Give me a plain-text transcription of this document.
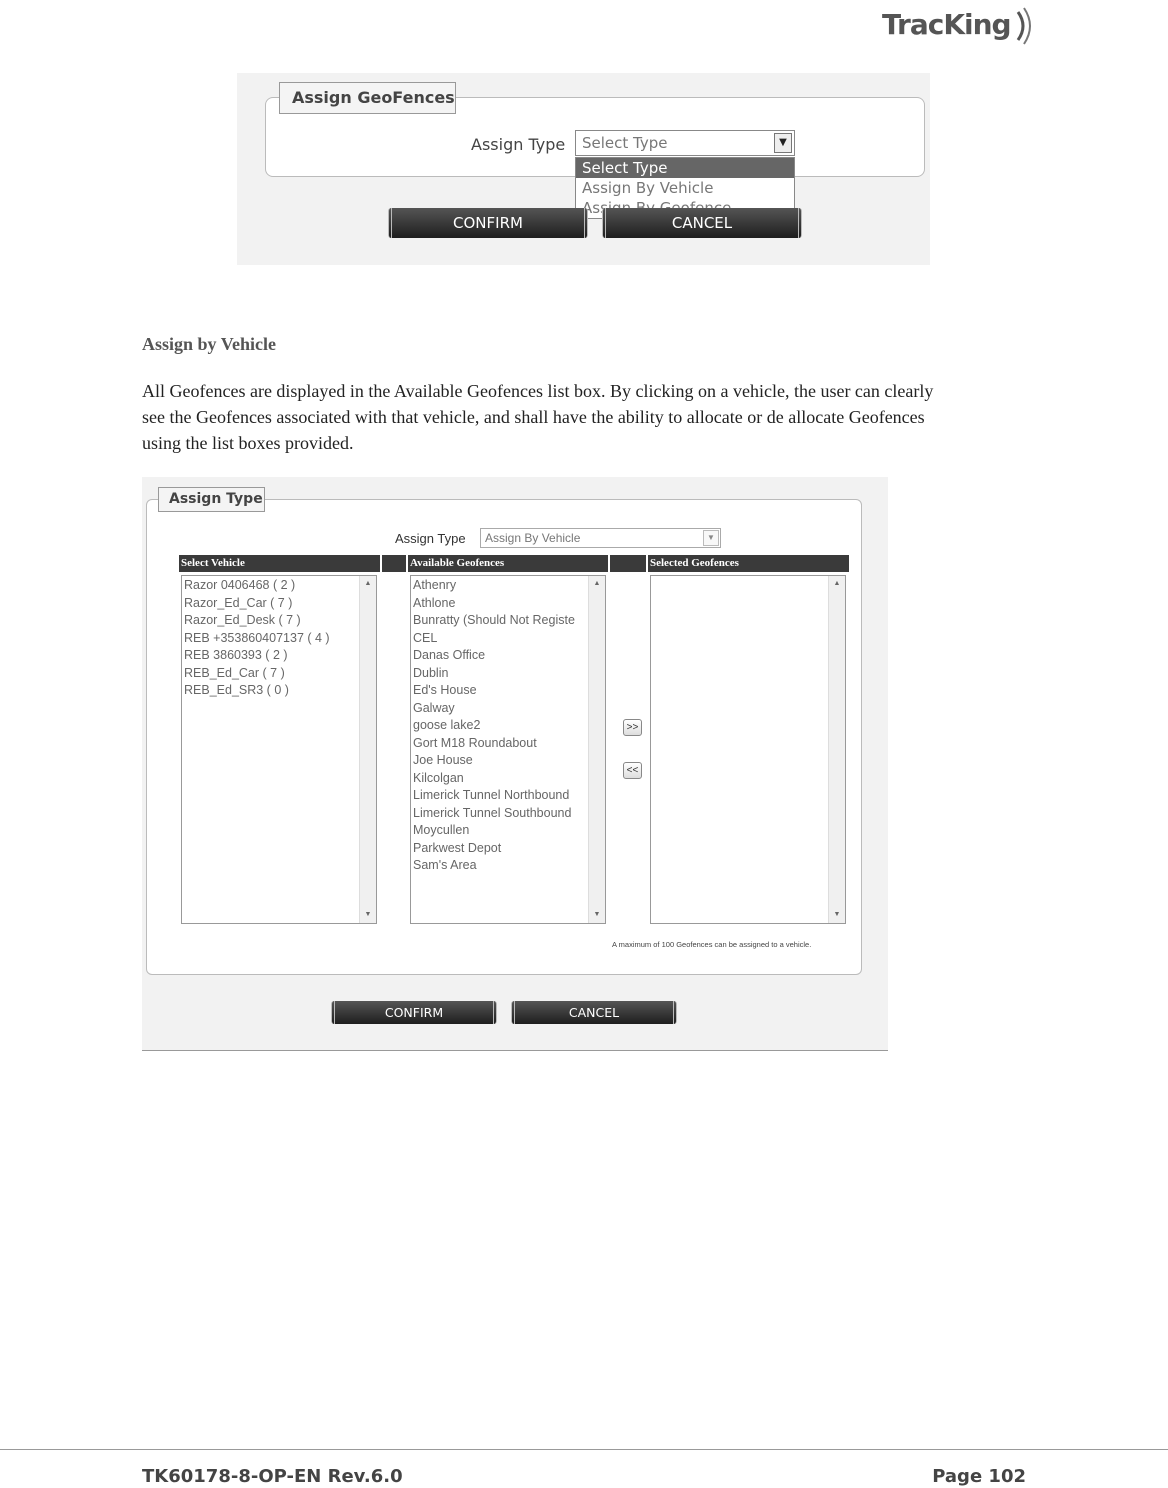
TracKing
Assign GeoFences
Assign Type	Select Type	▼
Select Type
Assign By Vehicle
CONFIRM	CANCEL
Assign by Vehicle
All Geofences are displayed in the Available Geofences list box. By clicking on a vehicle, the user can clearly
see the Geofences associated with that vehicle, and shall have the ability to allocate or de allocate Geofences
using the list boxes provided.
Assign Type
Assign Type	Assign By Vehicle	▼
Select Vehicle	Available Geofences	Selected Geofences
Razor 0406468 ( 2 )
Razor_Ed_Car ( 7 )
Razor_Ed_Desk ( 7 )
REB +353860407137 ( 4 )
REB 3860393 ( 2 )
REB_Ed_Car ( 7 )
REB_Ed_SR3 ( 0 )
▲
▼
Athenry
Athlone
Bunratty (Should Not Registe
CEL
Danas Office
Dublin
Ed's House
Galway
goose lake2
Gort M18 Roundabout
Joe House
Kilcolgan
Limerick Tunnel Northbound
Limerick Tunnel Southbound
Moycullen
Parkwest Depot
Sam's Area
▲
▼
▲
▼
>>
<<
A maximum of 100 Geofences can be assigned to a vehicle.
CONFIRM	CANCEL
TK60178-8-OP-EN Rev.6.0	Page 102
